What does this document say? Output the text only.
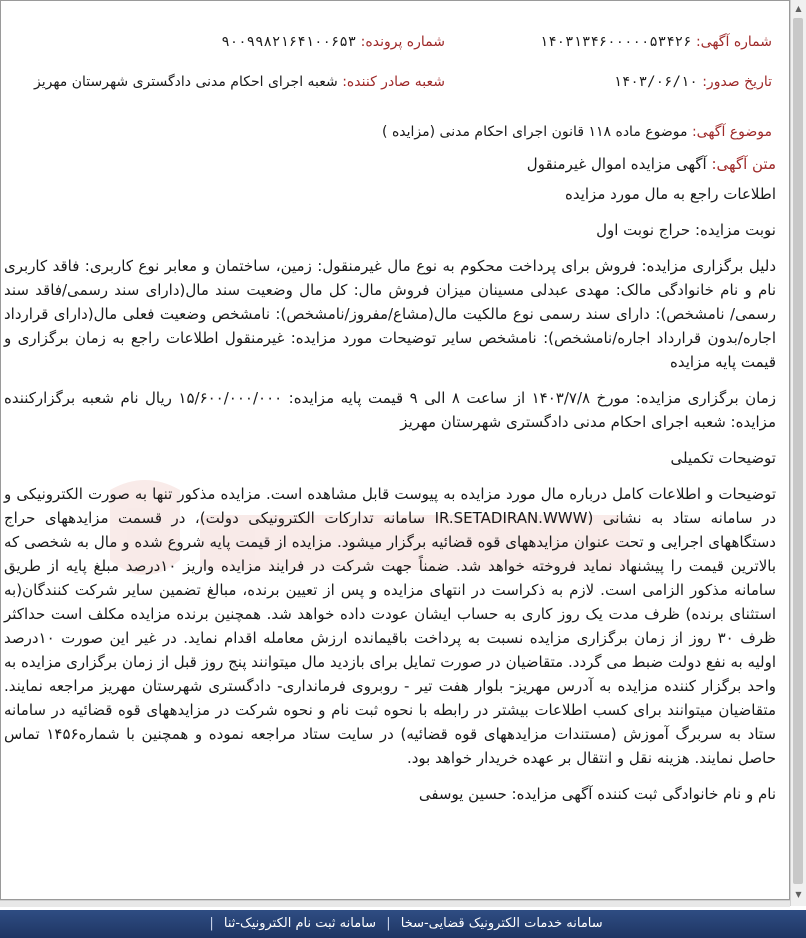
▲
▼
شماره آگهی: ۱۴۰۳۱۳۴۶۰۰۰۰۰۵۳۴۲۶
شماره پرونده: ۹۰۰۹۹۸۲۱۶۴۱۰۰۶۵۳
تاریخ صدور: ۱۴۰۳/۰۶/۱۰
شعبه صادر کننده: شعبه اجرای احکام مدنی دادگستری شهرستان مهریز
موضوع آگهی: موضوع ماده ۱۱۸ قانون اجرای احکام مدنی (مزایده )
متن آگهی: آگهی مزایده اموال غیرمنقول
اطلاعات راجع به مال مورد مزایده
نوبت مزایده: حراج نوبت اول
دلیل برگزاری مزایده: فروش برای پرداخت محکوم به نوع مال غیرمنقول: زمین، ساختمان و معابر نوع کاربری: فاقد کاربری نام و نام خانوادگی مالک: مهدی عبدلی مسینان میزان فروش مال: کل مال وضعیت سند مال(دارای سند رسمی/فاقد سند رسمی/ نامشخص): دارای سند رسمی نوع مالکیت مال(مشاع/مفروز/نامشخص): نامشخص وضعیت فعلی مال(دارای قرارداد اجاره/بدون قرارداد اجاره/نامشخص): نامشخص سایر توضیحات مورد مزایده: غیرمنقول اطلاعات راجع به زمان برگزاری و قیمت پایه مزایده
زمان برگزاری مزایده: مورخ ۱۴۰۳/۷/۸ از ساعت ۸ الی ۹ قیمت پایه مزایده: ۱۵/۶۰۰/۰۰۰/۰۰۰ ریال نام شعبه برگزارکننده مزایده: شعبه اجرای احکام مدنی دادگستری شهرستان مهریز
توضیحات تکمیلی
توضیحات و اطلاعات کامل درباره مال مورد مزایده به پیوست قابل مشاهده است. مزایده مذکور تنها به صورت الکترونیکی و در سامانه ستاد به نشانی (IR.SETADIRAN.WWW سامانه تدارکات الکترونیکی دولت)، در قسمت مزایدههای حراج دستگاههای اجرایی و تحت عنوان مزایدههای قوه قضائیه برگزار میشود. مزایده از قیمت پایه شروع شده و مال به شخصی که بالاترین قیمت را پیشنهاد نماید فروخته خواهد شد. ضمناً جهت شرکت در فرایند مزایده واریز ۱۰درصد مبلغ پایه از طریق سامانه مذکور الزامی است. لازم به ذکراست در انتهای مزایده و پس از تعیین برنده، مبالغ تضمین سایر شرکت کنندگان(به استثنای برنده) ظرف مدت یک روز کاری به حساب ایشان عودت داده خواهد شد. همچنین برنده مزایده مکلف است حداکثر ظرف ۳۰ روز از زمان برگزاری مزایده نسبت به پرداخت باقیمانده ارزش معامله اقدام نماید. در غیر این صورت ۱۰درصد اولیه به نفع دولت ضبط می گردد. متقاضیان در صورت تمایل برای بازدید مال میتوانند پنج روز قبل از زمان برگزاری مزایده به واحد برگزار کننده مزایده به آدرس مهریز- بلوار هفت تیر - روبروی فرمانداری- دادگستری شهرستان مهریز مراجعه نمایند. متقاضیان میتوانند برای کسب اطلاعات بیشتر در رابطه با نحوه ثبت نام و نحوه شرکت در مزایدههای قوه قضائیه در سامانه ستاد به سربرگ آموزش (مستندات مزایدههای قوه قضائیه) در سایت ستاد مراجعه نموده و همچنین با شماره۱۴۵۶ تماس حاصل نمایند. هزینه نقل و انتقال بر عهده خریدار خواهد بود.
نام و نام خانوادگی ثبت کننده آگهی مزایده: حسین یوسفی
سامانه خدمات الکترونیک قضایی-سخا | سامانه ثبت نام الکترونیک-ثنا |
